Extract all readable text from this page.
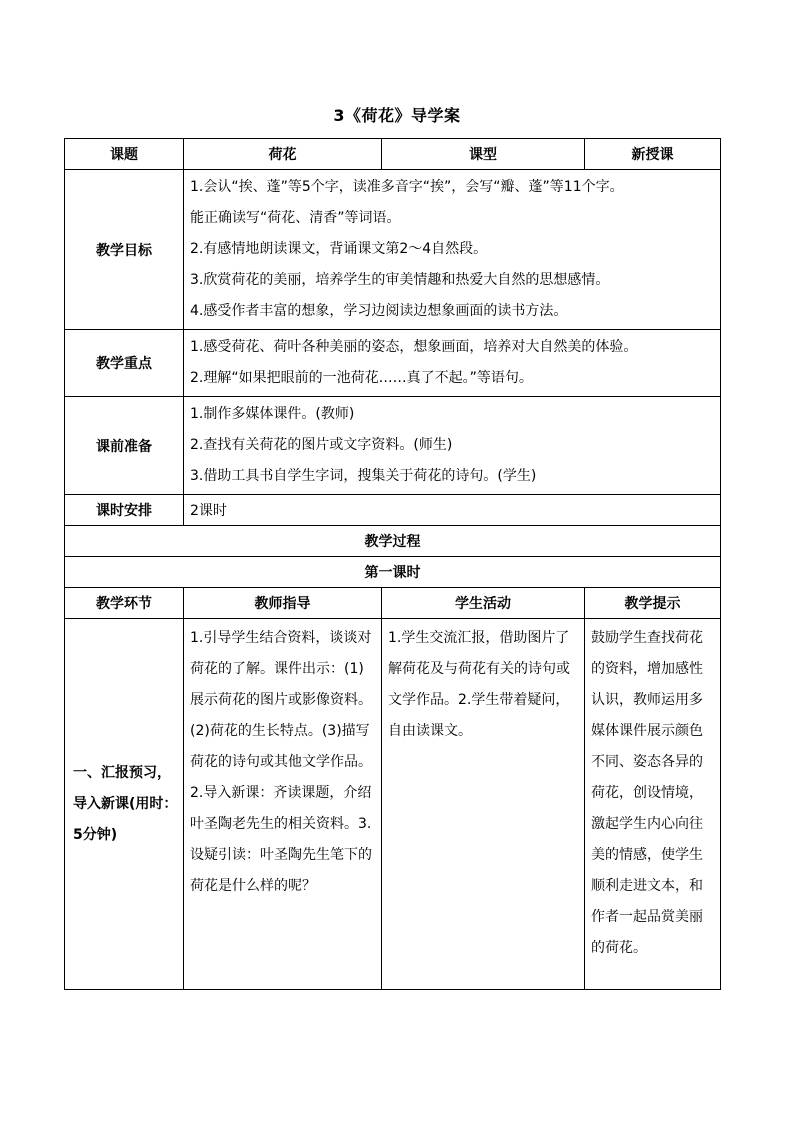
3《荷花》导学案
课题	荷花	课型	新授课
教学目标	1.会认“挨、蓬”等5个字，读准多音字“挨”，会写“瓣、蓬”等11个字。
能正确读写“荷花、清香”等词语。
2.有感情地朗读课文，背诵课文第2～4自然段。
3.欣赏荷花的美丽，培养学生的审美情趣和热爱大自然的思想感情。
4.感受作者丰富的想象，学习边阅读边想象画面的读书方法。		

教学重点	1.感受荷花、荷叶各种美丽的姿态，想象画面，培养对大自然美的体验。
2.理解“如果把眼前的一池荷花……真了不起。”等语句。		

课前准备	1.制作多媒体课件。(教师)
2.查找有关荷花的图片或文字资料。(师生)
3.借助工具书自学生字词，搜集关于荷花的诗句。(学生)		

课时安排	2课时		
教学过程			
第一课时			
教学环节	教师指导	学生活动	教学提示
一、汇报预习，导入新课(用时：5分钟)	1.引导学生结合资料，谈谈对荷花的了解。课件出示：(1)展示荷花的图片或影像资料。(2)荷花的生长特点。(3)描写荷花的诗句或其他文学作品。2.导入新课：齐读课题，介绍叶圣陶老先生的相关资料。3.设疑引读：叶圣陶先生笔下的荷花是什么样的呢？	1.学生交流汇报，借助图片了解荷花及与荷花有关的诗句或文学作品。2.学生带着疑问，自由读课文。	鼓励学生查找荷花的资料，增加感性认识，教师运用多媒体课件展示颜色不同、姿态各异的荷花，创设情境，激起学生内心向往美的情感，使学生顺利走进文本，和作者一起品赏美丽的荷花。
